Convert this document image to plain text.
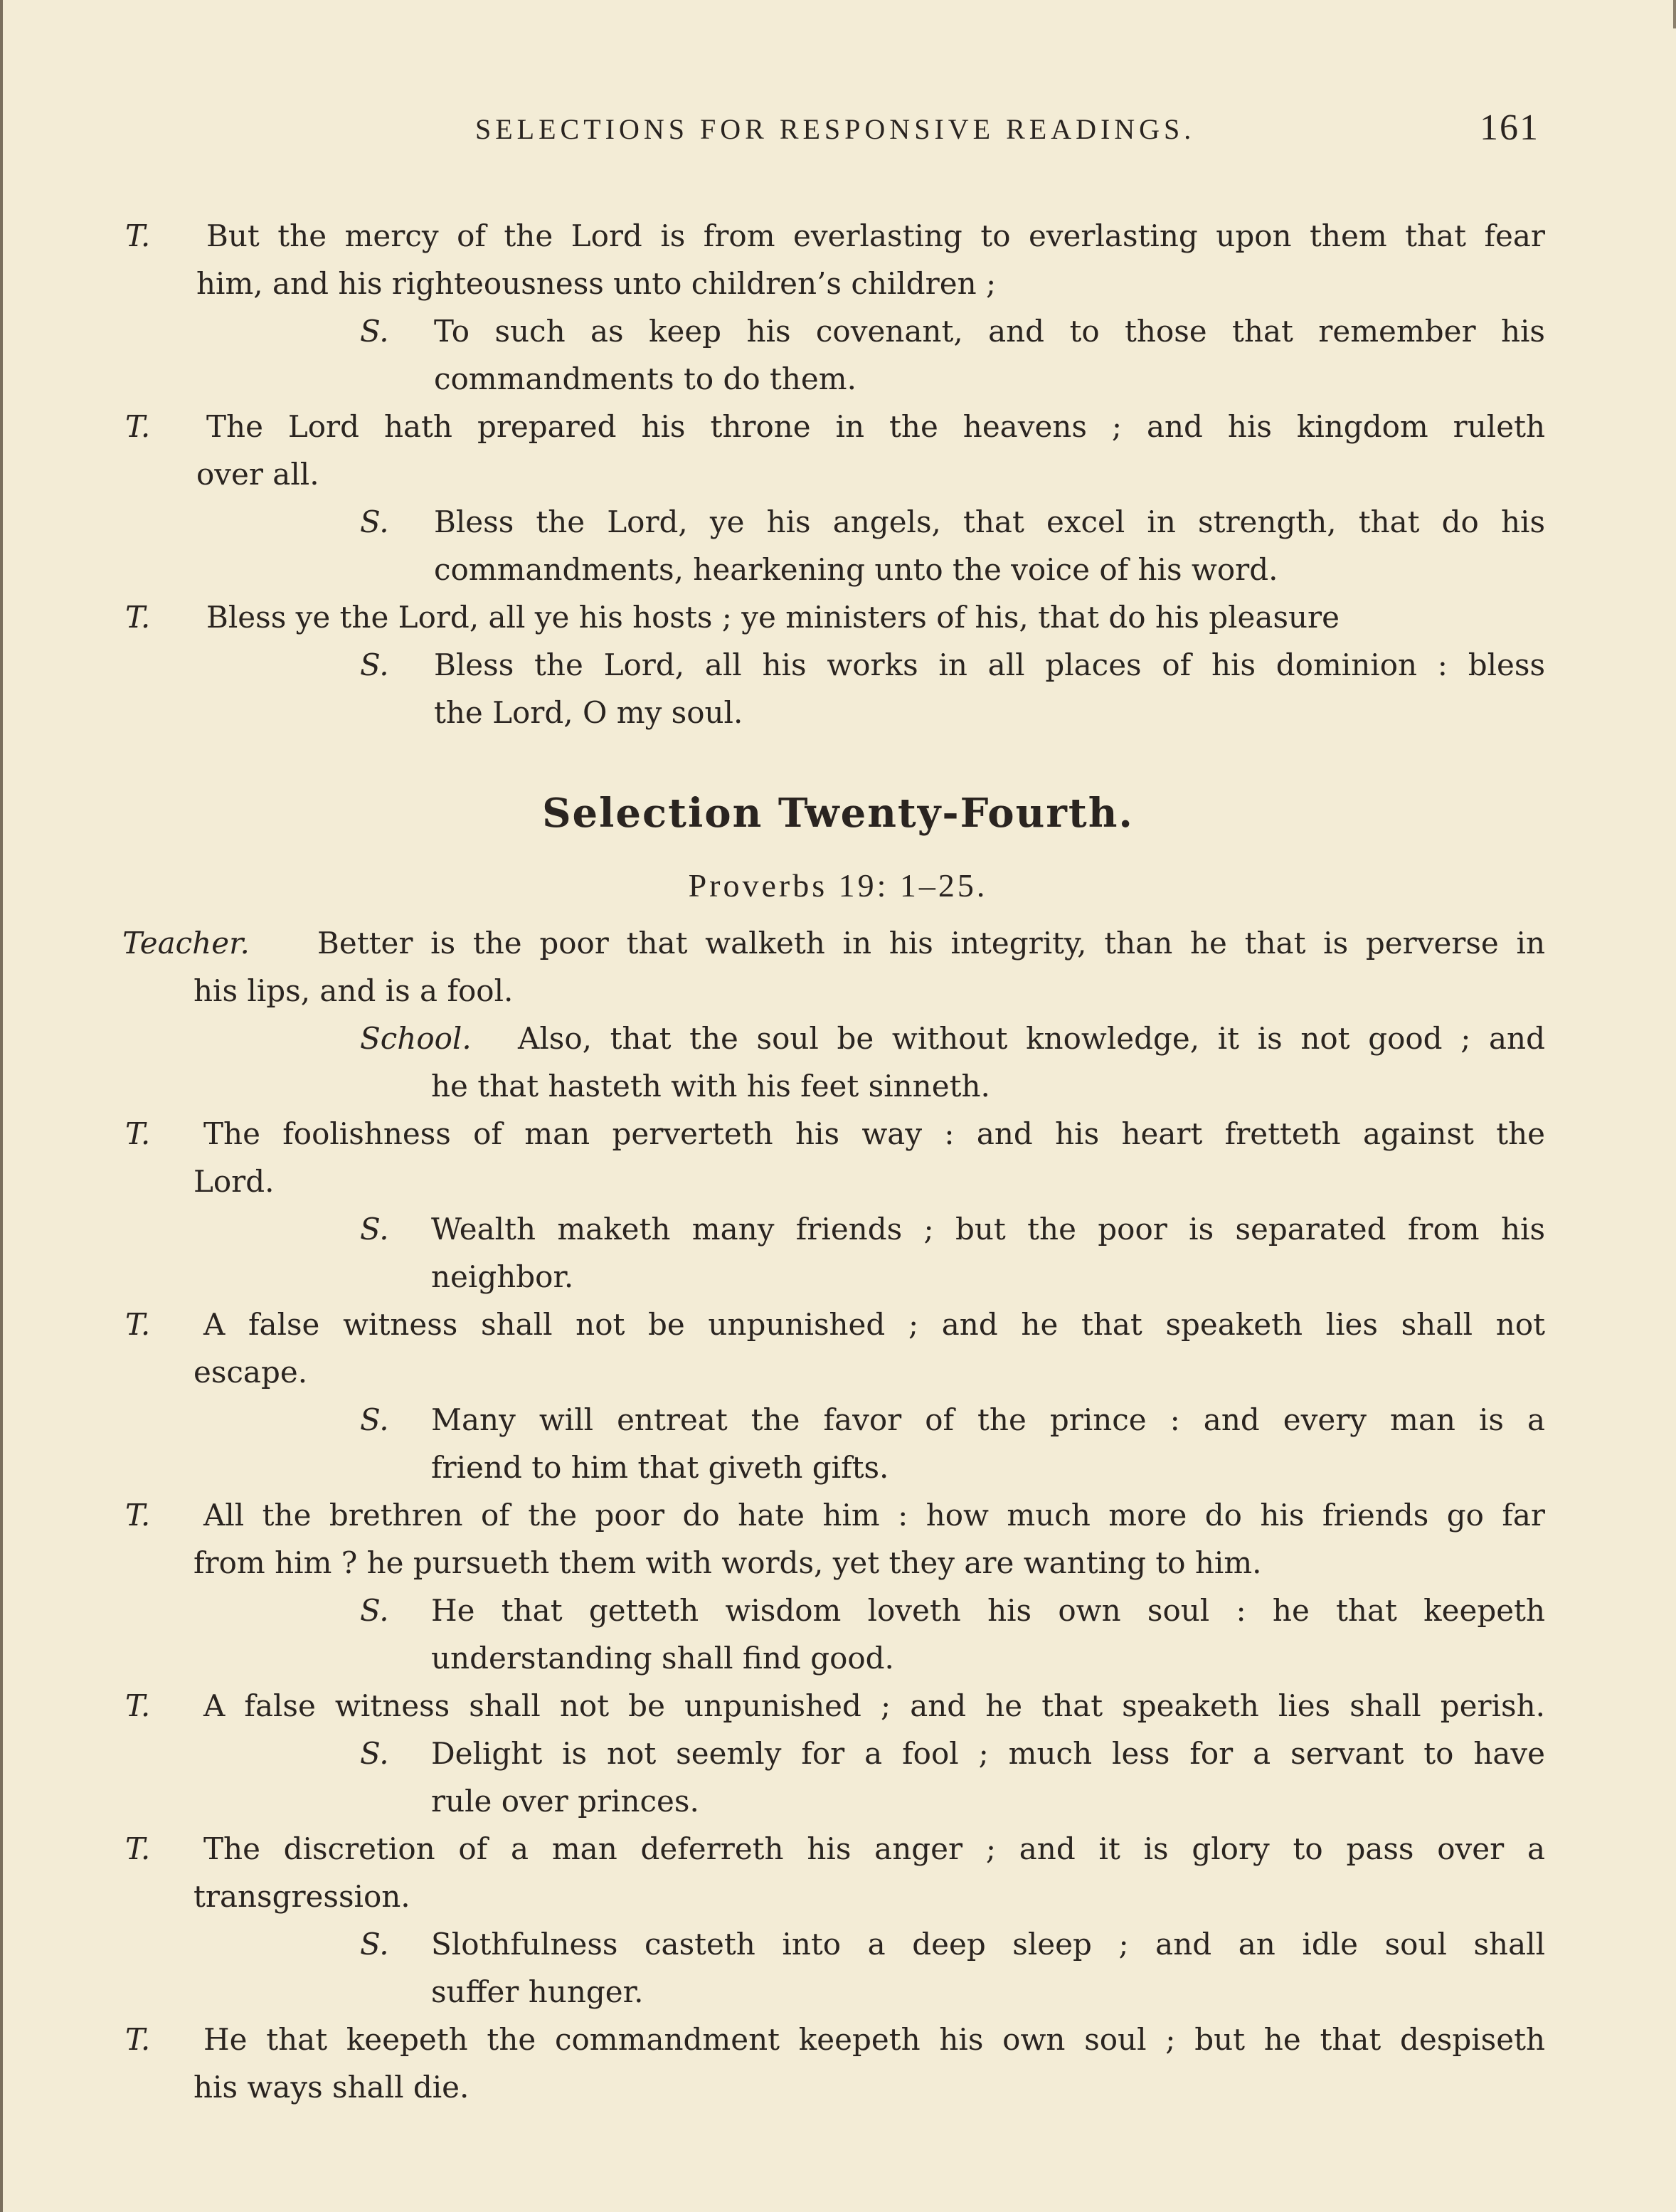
SELECTIONS FOR RESPONSIVE READINGS.	161
T.	But the mercy of the Lord is from everlasting to everlasting upon them that fear
him, and his righteousness unto children’s children ;
S.	To such as keep his covenant, and to those that remember his
commandments to do them.
T.	The Lord hath prepared his throne in the heavens ; and his kingdom ruleth
over all.
S.	Bless the Lord, ye his angels, that excel in strength, that do his
commandments, hearkening unto the voice of his word.
T.	Bless ye the Lord, all ye his hosts ; ye ministers of his, that do his pleasure
S.	Bless the Lord, all his works in all places of his dominion : bless
the Lord, O my soul.
Selection Twenty-Fourth.
Proverbs 19: 1–25.
Teacher.	Better is the poor that walketh in his integrity, than he that is perverse in
his lips, and is a fool.
School.	Also, that the soul be without knowledge, it is not good ; and
he that hasteth with his feet sinneth.
T.	The foolishness of man perverteth his way : and his heart fretteth against the
Lord.
S.	Wealth maketh many friends ; but the poor is separated from his
neighbor.
T.	A false witness shall not be unpunished ; and he that speaketh lies shall not
escape.
S.	Many will entreat the favor of the prince : and every man is a
friend to him that giveth gifts.
T.	All the brethren of the poor do hate him : how much more do his friends go far
from him ? he pursueth them with words, yet they are wanting to him.
S.	He that getteth wisdom loveth his own soul : he that keepeth
understanding shall find good.
T.	A false witness shall not be unpunished ; and he that speaketh lies shall perish.
S.	Delight is not seemly for a fool ; much less for a servant to have
rule over princes.
T.	The discretion of a man deferreth his anger ; and it is glory to pass over a
transgression.
S.	Slothfulness casteth into a deep sleep ; and an idle soul shall
suffer hunger.
T.	He that keepeth the commandment keepeth his own soul ; but he that despiseth
his ways shall die.
